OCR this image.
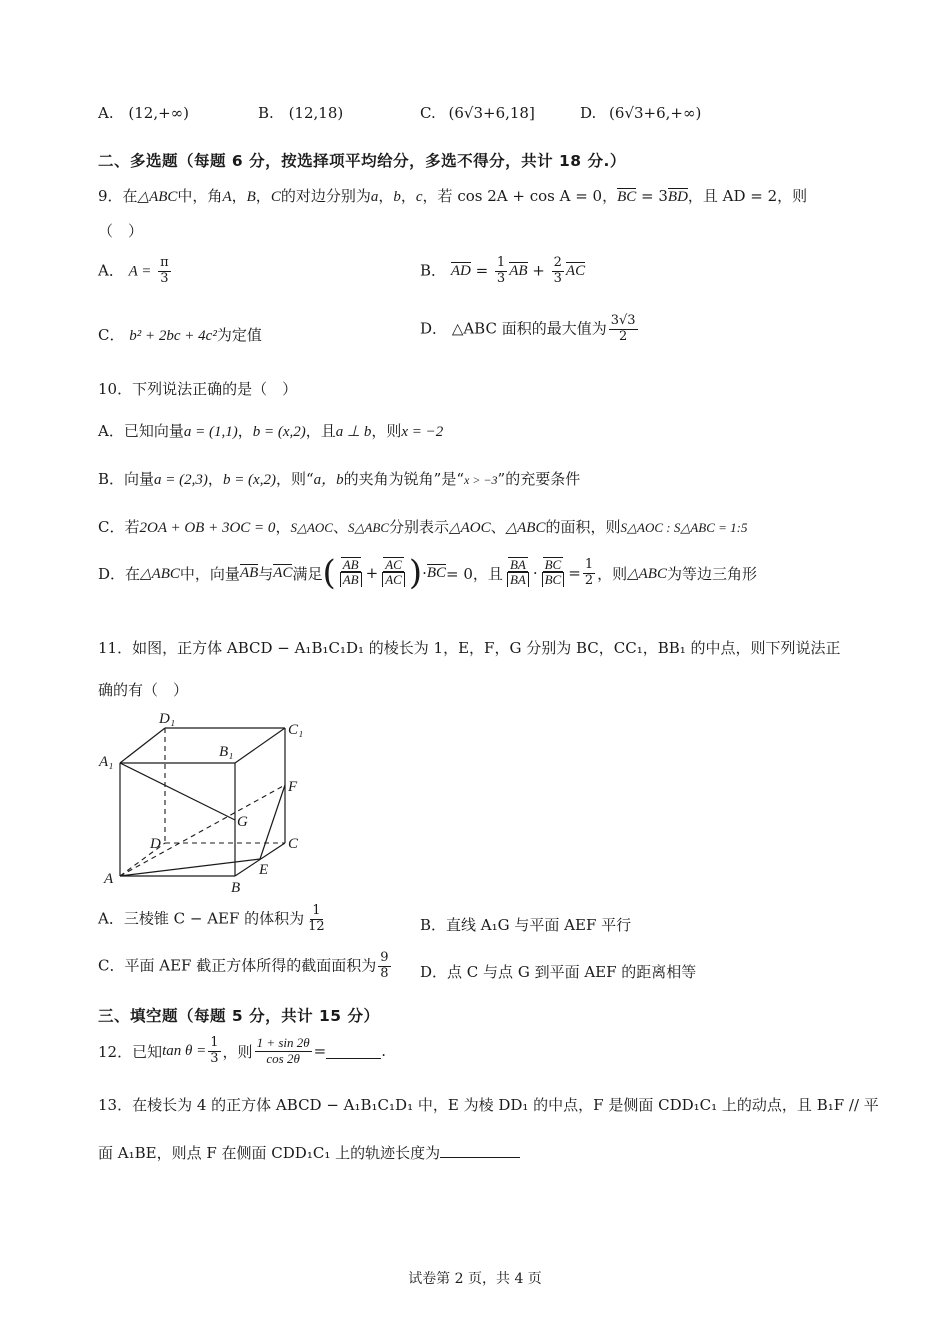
A. (12,+∞)	B. (12,18)	C. (6√3+6,18]	D. (6√3+6,+∞)
二、多选题（每题 6 分，按选择项平均给分，多选不得分，共计 18 分.）
9．在△ABC中，角A，B，C的对边分别为a，b，c，若 cos 2A + cos A = 0，BC = 3BD，且 AD = 2，则
（　）
A． $A = \frac{\pi}{3}$	B． AD = $\frac{1}{3}$ AB + $\frac{2}{3}$ AC
C． b² + 2bc + 4c²为定值	D． △ABC 面积的最大值为 $\frac{3√3}{2}$
10．下列说法正确的是（　）
A．已知向量a = (1,1)，b = (x,2)，且a ⊥ b，则x = −2
B．向量a = (2,3)，b = (x,2)，则“a，b的夹角为锐角”是“x > −3”的充要条件
C．若2OA + OB + 3OC = 0，S△AOC、S△ABC分别表示△AOC、△ABC的面积，则S△AOC : S△ABC = 1:5
D． 在 △ABC 中，向量 AB 与 AC 满足 ( $\frac{AB}{AB} + \frac{AC}{AC}$ ) · BC = 0，且 $\frac{BA}{BA} \cdot \frac{BC}{BC} = \frac{1}{2}$ ，则 △ABC 为等边三角形
11．如图，正方体 ABCD − A₁B₁C₁D₁ 的棱长为 1，E，F，G 分别为 BC，CC₁，BB₁ 的中点，则下列说法正
确的有（　）
D₁
C₁
A₁
B₁
F
G
D	C
E
A
B
A．三棱锥 C − AEF 的体积为 $\frac{1}{12}$	B．直线 A₁G 与平面 AEF 平行
C．平面 AEF 截正方体所得的截面面积为 $\frac{9}{8}$ D．点 C 与点 G 到平面 AEF 的距离相等
三、填空题（每题 5 分，共计 15 分）
12．已知 $\tan \theta = \frac{1}{3}$ ，则 $\frac{1 + \sin 2\theta}{\cos 2\theta}$ =	.
13．在棱长为 4 的正方体 ABCD − A₁B₁C₁D₁ 中，E 为棱 DD₁ 的中点，F 是侧面 CDD₁C₁ 上的动点，且 B₁F // 平
面 A₁BE，则点 F 在侧面 CDD₁C₁ 上的轨迹长度为
试卷第 2 页，共 4 页
